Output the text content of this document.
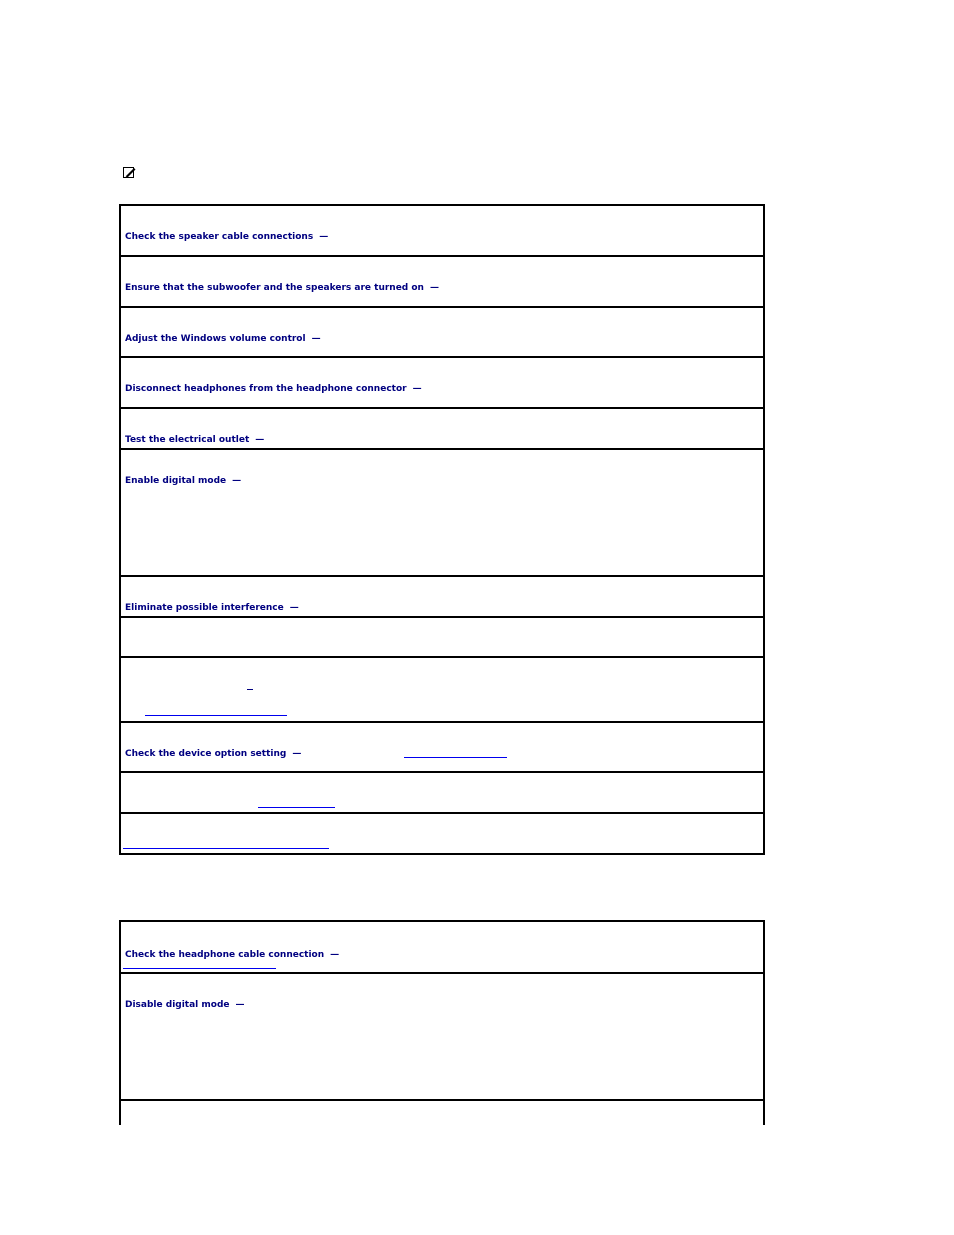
Check the speaker cable connections —
Ensure that the subwoofer and the speakers are turned on —
Adjust the Windows volume control —
Disconnect headphones from the headphone connector —
Test the electrical outlet —
Enable digital mode —
Eliminate possible interference —
Check the device option setting —
Check the headphone cable connection —
Disable digital mode —
